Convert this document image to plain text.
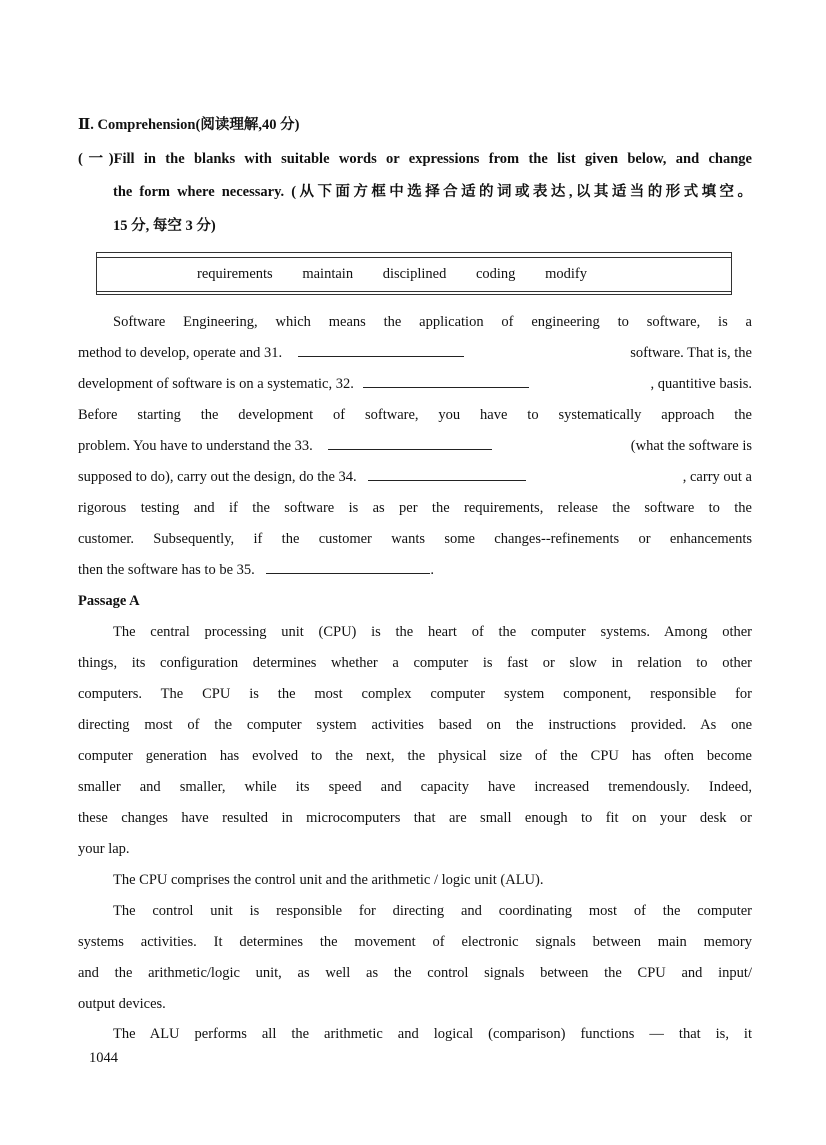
Ⅱ. Comprehension(阅读理解,40 分)
(一)Fill in the blanks with suitable words or expressions from the list given below, and change
the form where necessary. (从下面方框中选择合适的词或表达,以其适当的形式填空。
15 分, 每空 3 分)
requirements maintain disciplined coding modify
Software Engineering, which means the application of engineering to software, is a
method to develop, operate and 31.	software. That is, the
development of software is on a systematic, 32.	, quantitive basis.
Before starting the development of software, you have to systematically approach the
problem. You have to understand the 33.	(what the software is
supposed to do), carry out the design, do the 34.	, carry out a
rigorous testing and if the software is as per the requirements, release the software to the
customer. Subsequently, if the customer wants some changes--refinements or enhancements
then the software has to be 35.	.
Passage A
The central processing unit (CPU) is the heart of the computer systems. Among other
things, its configuration determines whether a computer is fast or slow in relation to other
computers. The CPU is the most complex computer system component, responsible for
directing most of the computer system activities based on the instructions provided. As one
computer generation has evolved to the next, the physical size of the CPU has often become
smaller and smaller, while its speed and capacity have increased tremendously. Indeed,
these changes have resulted in microcomputers that are small enough to fit on your desk or
your lap.
The CPU comprises the control unit and the arithmetic / logic unit (ALU).
The control unit is responsible for directing and coordinating most of the computer
systems activities. It determines the movement of electronic signals between main memory
and the arithmetic/logic unit, as well as the control signals between the CPU and input/
output devices.
The ALU performs all the arithmetic and logical (comparison) functions — that is, it
1044
